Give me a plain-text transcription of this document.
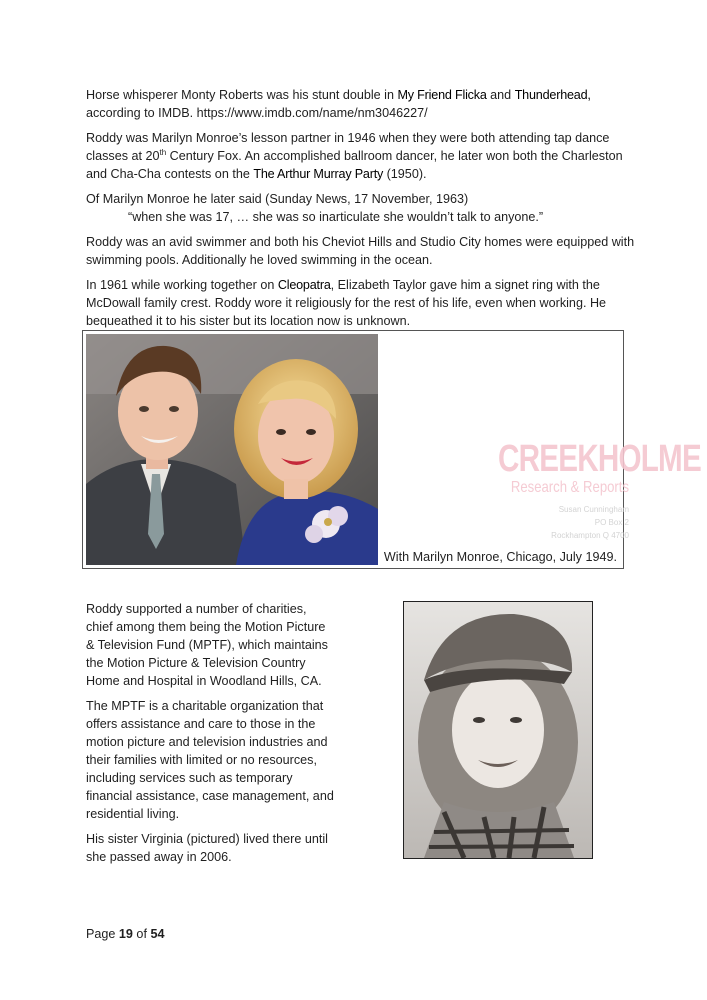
Horse whisperer Monty Roberts was his stunt double in My Friend Flicka and Thunderhead,
according to IMDB. https://www.imdb.com/name/nm3046227/

Roddy was Marilyn Monroe’s lesson partner in 1946 when they were both attending tap dance classes at 20th Century Fox. An accomplished ballroom dancer, he later won both the Charleston and Cha-Cha contests on the The Arthur Murray Party (1950).

Of Marilyn Monroe he later said (Sunday News, 17 November, 1963)

“when she was 17, … she was so inarticulate she wouldn’t talk to anyone.”

Roddy was an avid swimmer and both his Cheviot Hills and Studio City homes were equipped with swimming pools. Additionally he loved swimming in the ocean.

In 1961 while working together on Cleopatra, Elizabeth Taylor gave him a signet ring with the McDowall family crest. Roddy wore it religiously for the rest of his life, even when working. He bequeathed it to his sister but its location now is unknown.

CREEKHOLME
Research & Reports
Susan Cunningham
PO Box 2
Rockhampton Q 4700
With Marilyn Monroe, Chicago, July 1949.

Roddy supported a number of charities, chief among them being the Motion Picture & Television Fund (MPTF), which maintains the Motion Picture & Television Country Home and Hospital in Woodland Hills, CA.

The MPTF is a charitable organization that offers assistance and care to those in the motion picture and television industries and their families with limited or no resources, including services such as temporary financial assistance, case management, and residential living.

His sister Virginia (pictured) lived there until she passed away in 2006.

Page 19 of 54
